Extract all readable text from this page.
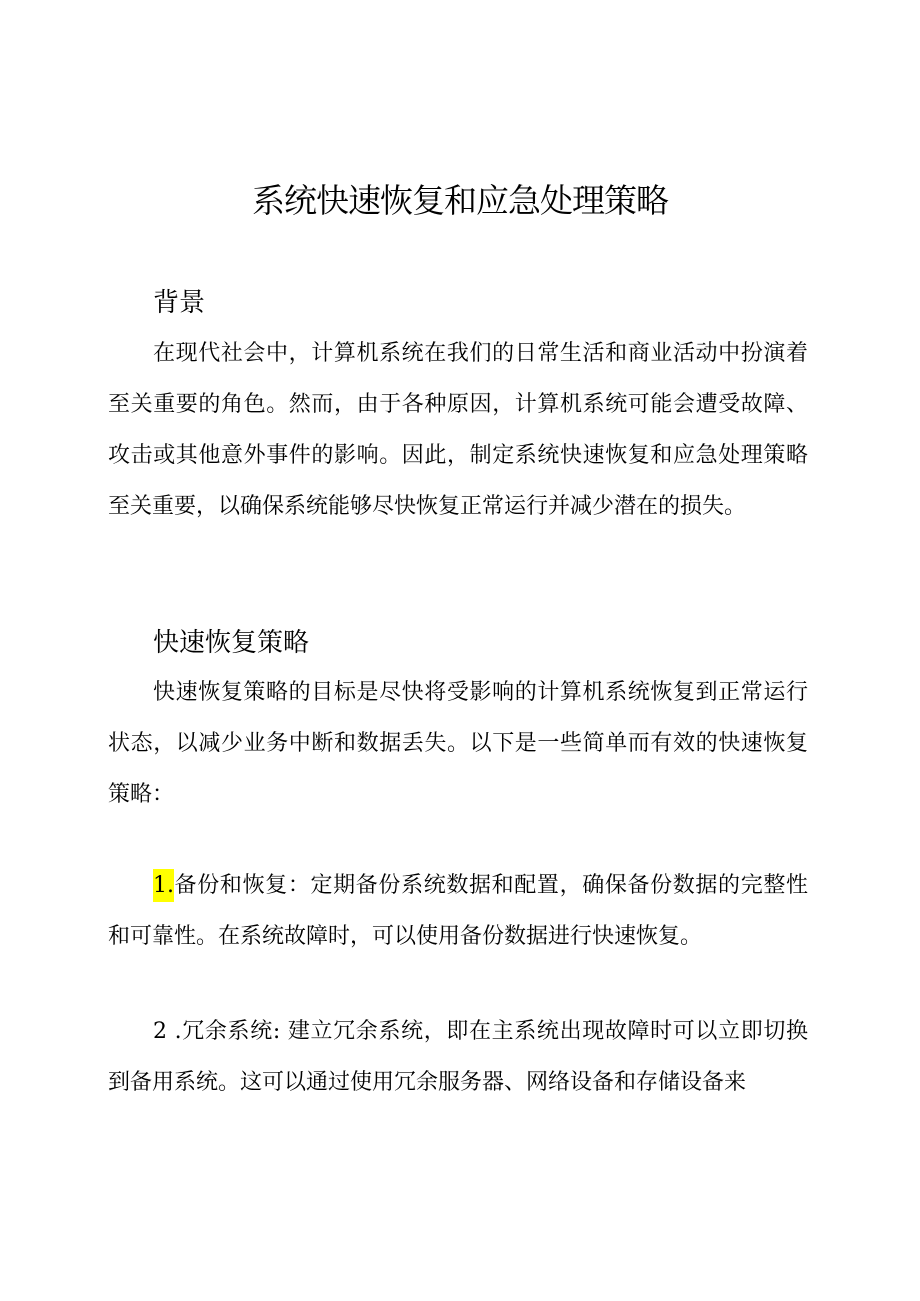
系统快速恢复和应急处理策略
背景

在现代社会中，计算机系统在我们的日常生活和商业活动中扮演着至关重要的角色。然而，由于各种原因，计算机系统可能会遭受故障、攻击或其他意外事件的影响。因此，制定系统快速恢复和应急处理策略至关重要，以确保系统能够尽快恢复正常运行并减少潜在的损失。

快速恢复策略

快速恢复策略的目标是尽快将受影响的计算机系统恢复到正常运行状态，以减少业务中断和数据丢失。以下是一些简单而有效的快速恢复策略：

1.备份和恢复：定期备份系统数据和配置，确保备份数据的完整性和可靠性。在系统故障时，可以使用备份数据进行快速恢复。

2 .冗余系统: 建立冗余系统，即在主系统出现故障时可以立即切换到备用系统。这可以通过使用冗余服务器、网络设备和存储设备来
